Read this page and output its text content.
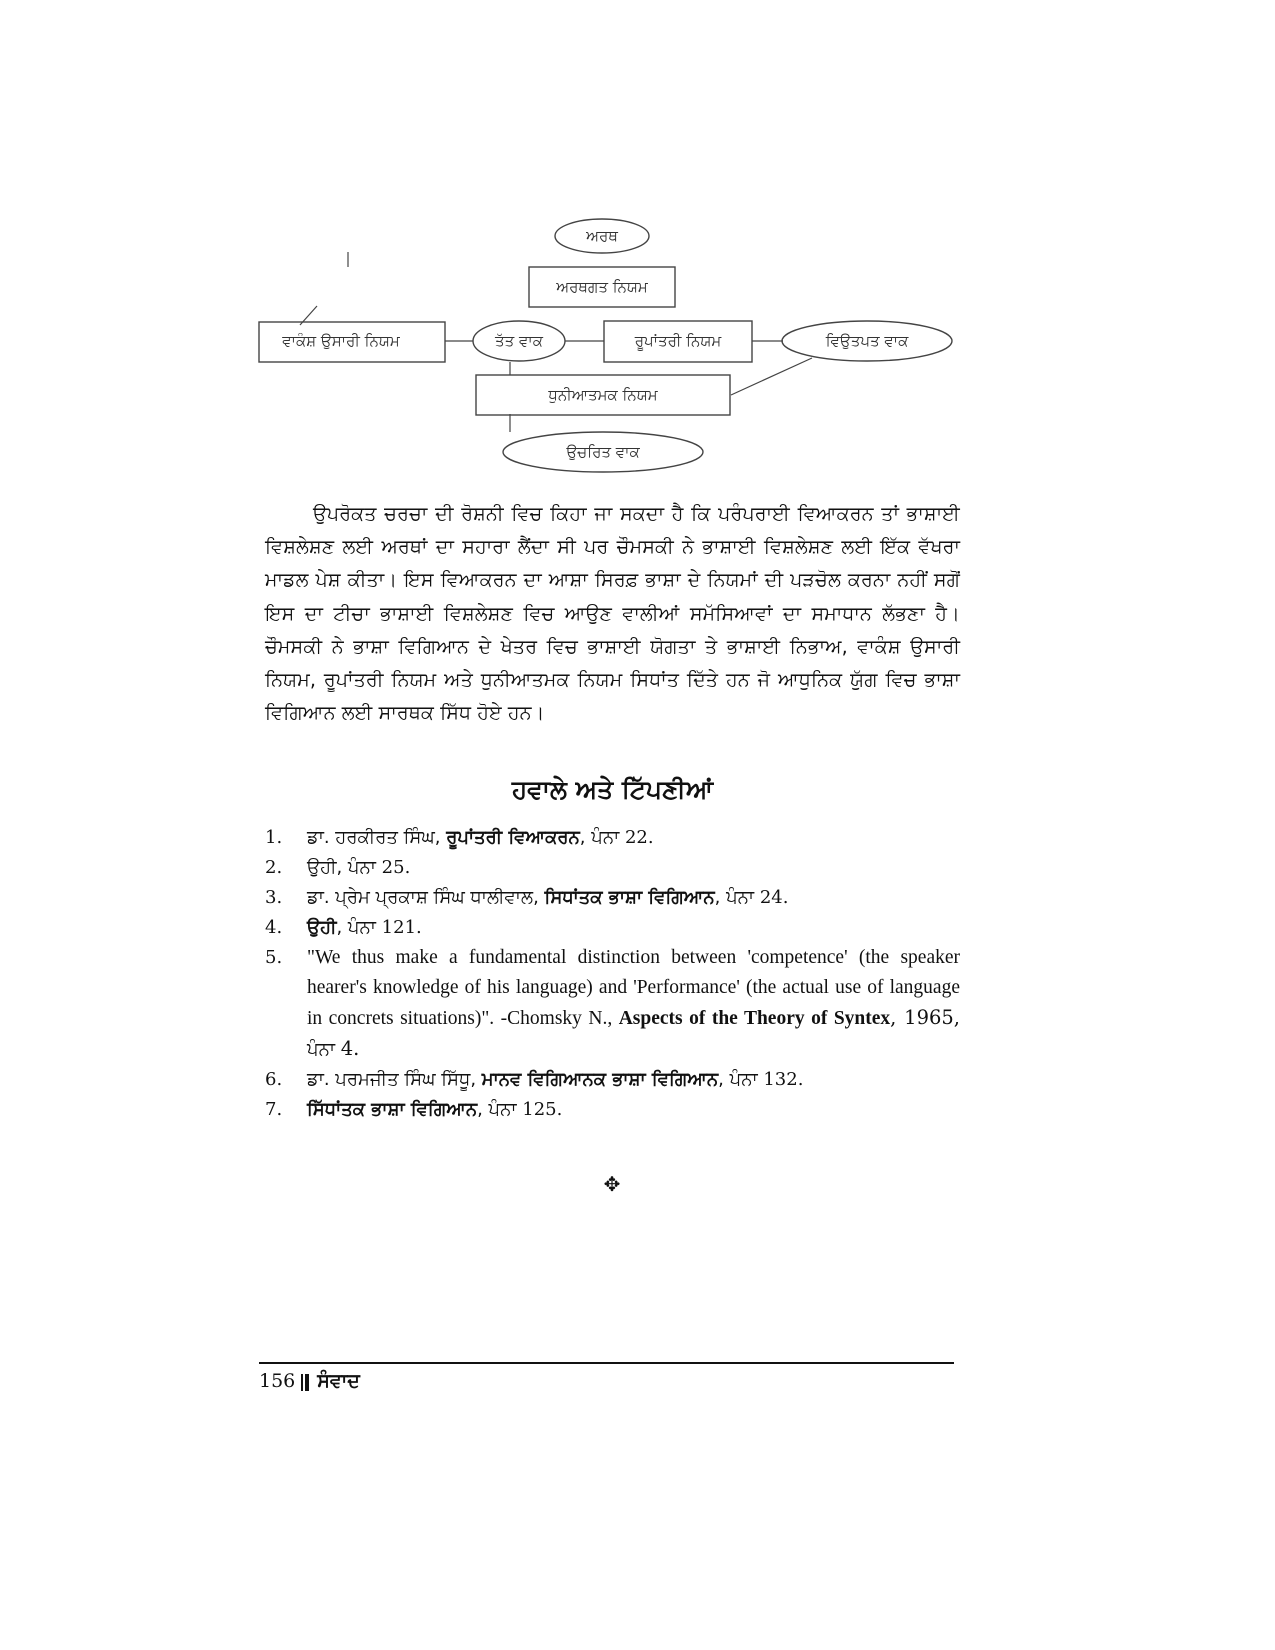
ਅਰਥ
ਅਰਥਗਤ ਨਿਯਮ
ਵਾਕੰਸ਼ ਉਸਾਰੀ ਨਿਯਮ	ਤੱਤ ਵਾਕ	ਰੂਪਾਂਤਰੀ ਨਿਯਮ	ਵਿਉਤਪਤ ਵਾਕ
ਧੁਨੀਆਤਮਕ ਨਿਯਮ
ਉਚਰਿਤ ਵਾਕ

ਉਪਰੋਕਤ ਚਰਚਾ ਦੀ ਰੋਸ਼ਨੀ ਵਿਚ ਕਿਹਾ ਜਾ ਸਕਦਾ ਹੈ ਕਿ ਪਰੰਪਰਾਈ ਵਿਆਕਰਨ ਤਾਂ ਭਾਸ਼ਾਈ ਵਿਸ਼ਲੇਸ਼ਣ ਲਈ ਅਰਥਾਂ ਦਾ ਸਹਾਰਾ ਲੈਂਦਾ ਸੀ ਪਰ ਚੌਮਸਕੀ ਨੇ ਭਾਸ਼ਾਈ ਵਿਸ਼ਲੇਸ਼ਣ ਲਈ ਇੱਕ ਵੱਖਰਾ ਮਾਡਲ ਪੇਸ਼ ਕੀਤਾ। ਇਸ ਵਿਆਕਰਨ ਦਾ ਆਸ਼ਾ ਸਿਰਫ਼ ਭਾਸ਼ਾ ਦੇ ਨਿਯਮਾਂ ਦੀ ਪੜਚੋਲ ਕਰਨਾ ਨਹੀਂ ਸਗੋਂ ਇਸ ਦਾ ਟੀਚਾ ਭਾਸ਼ਾਈ ਵਿਸ਼ਲੇਸ਼ਣ ਵਿਚ ਆਉਣ ਵਾਲੀਆਂ ਸਮੱਸਿਆਵਾਂ ਦਾ ਸਮਾਧਾਨ ਲੱਭਣਾ ਹੈ। ਚੌਮਸਕੀ ਨੇ ਭਾਸ਼ਾ ਵਿਗਿਆਨ ਦੇ ਖੇਤਰ ਵਿਚ ਭਾਸ਼ਾਈ ਯੋਗਤਾ ਤੇ ਭਾਸ਼ਾਈ ਨਿਭਾਅ, ਵਾਕੰਸ਼ ਉਸਾਰੀ ਨਿਯਮ, ਰੂਪਾਂਤਰੀ ਨਿਯਮ ਅਤੇ ਧੁਨੀਆਤਮਕ ਨਿਯਮ ਸਿਧਾਂਤ ਦਿੱਤੇ ਹਨ ਜੋ ਆਧੁਨਿਕ ਯੁੱਗ ਵਿਚ ਭਾਸ਼ਾ ਵਿਗਿਆਨ ਲਈ ਸਾਰਥਕ ਸਿੱਧ ਹੋਏ ਹਨ।

ਹਵਾਲੇ ਅਤੇ ਟਿੱਪਣੀਆਂ
1.	ਡਾ. ਹਰਕੀਰਤ ਸਿੰਘ, ਰੂਪਾਂਤਰੀ ਵਿਆਕਰਨ, ਪੰਨਾ 22.
2.	ਉਹੀ, ਪੰਨਾ 25.
3.	ਡਾ. ਪ੍ਰੇਮ ਪ੍ਰਕਾਸ਼ ਸਿੰਘ ਧਾਲੀਵਾਲ, ਸਿਧਾਂਤਕ ਭਾਸ਼ਾ ਵਿਗਿਆਨ, ਪੰਨਾ 24.
4.	ਉਹੀ, ਪੰਨਾ 121.
5.	"We thus make a fundamental distinction between 'competence' (the speaker hearer's knowledge of his language) and 'Performance' (the actual use of language in concrets situations)". -Chomsky N., Aspects of the Theory of Syntex, 1965, ਪੰਨਾ 4.
6.	ਡਾ. ਪਰਮਜੀਤ ਸਿੰਘ ਸਿੱਧੂ, ਮਾਨਵ ਵਿਗਿਆਨਕ ਭਾਸ਼ਾ ਵਿਗਿਆਨ, ਪੰਨਾ 132.
7.	ਸਿੱਧਾਂਤਕ ਭਾਸ਼ਾ ਵਿਗਿਆਨ, ਪੰਨਾ 125.
✥
156 ਸੰਵਾਦ
